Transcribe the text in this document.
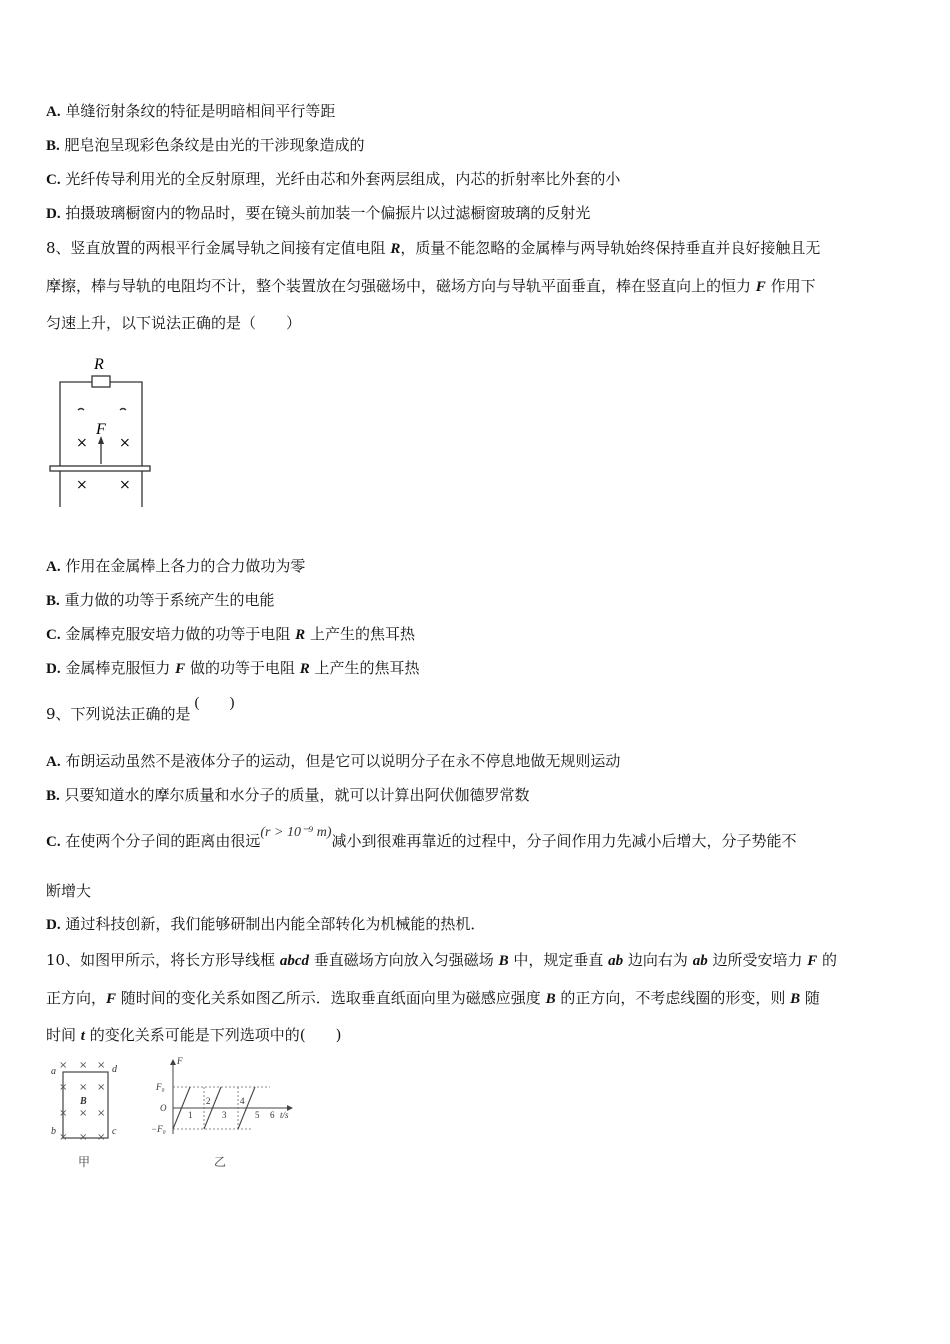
A. 单缝衍射条纹的特征是明暗相间平行等距
B. 肥皂泡呈现彩色条纹是由光的干涉现象造成的
C. 光纤传导利用光的全反射原理，光纤由芯和外套两层组成，内芯的折射率比外套的小
D. 拍摄玻璃橱窗内的物品时，要在镜头前加装一个偏振片以过滤橱窗玻璃的反射光
8、竖直放置的两根平行金属导轨之间接有定值电阻 R，质量不能忽略的金属棒与两导轨始终保持垂直并良好接触且无
摩擦，棒与导轨的电阻均不计，整个装置放在匀强磁场中，磁场方向与导轨平面垂直，棒在竖直向上的恒力 F 作用下
匀速上升，以下说法正确的是（　　）
R
F
× ×
× ×
A. 作用在金属棒上各力的合力做功为零
B. 重力做的功等于系统产生的电能
C. 金属棒克服安培力做的功等于电阻 R 上产生的焦耳热
D. 金属棒克服恒力 F 做的功等于电阻 R 上产生的焦耳热
9、下列说法正确的是(　　)
A. 布朗运动虽然不是液体分子的运动，但是它可以说明分子在永不停息地做无规则运动
B. 只要知道水的摩尔质量和水分子的质量，就可以计算出阿伏伽德罗常数
C. 在使两个分子间的距离由很远(r > 10⁻⁹ m)减小到很难再靠近的过程中，分子间作用力先减小后增大，分子势能不
断增大
D. 通过科技创新，我们能够研制出内能全部转化为机械能的热机．
10、如图甲所示，将长方形导线框 abcd 垂直磁场方向放入匀强磁场 B 中，规定垂直 ab 边向右为 ab 边所受安培力 F 的
正方向，F 随时间的变化关系如图乙所示．选取垂直纸面向里为磁感应强度 B 的正方向，不考虑线圈的形变，则 B 随
时间 t 的变化关系可能是下列选项中的(　　)
× × ×
× × ×
× ×
×
× × ×
a
b	c
d
B
甲
F
F₀
−F₀
O
t/s
1
2
3
4
5 6
乙
